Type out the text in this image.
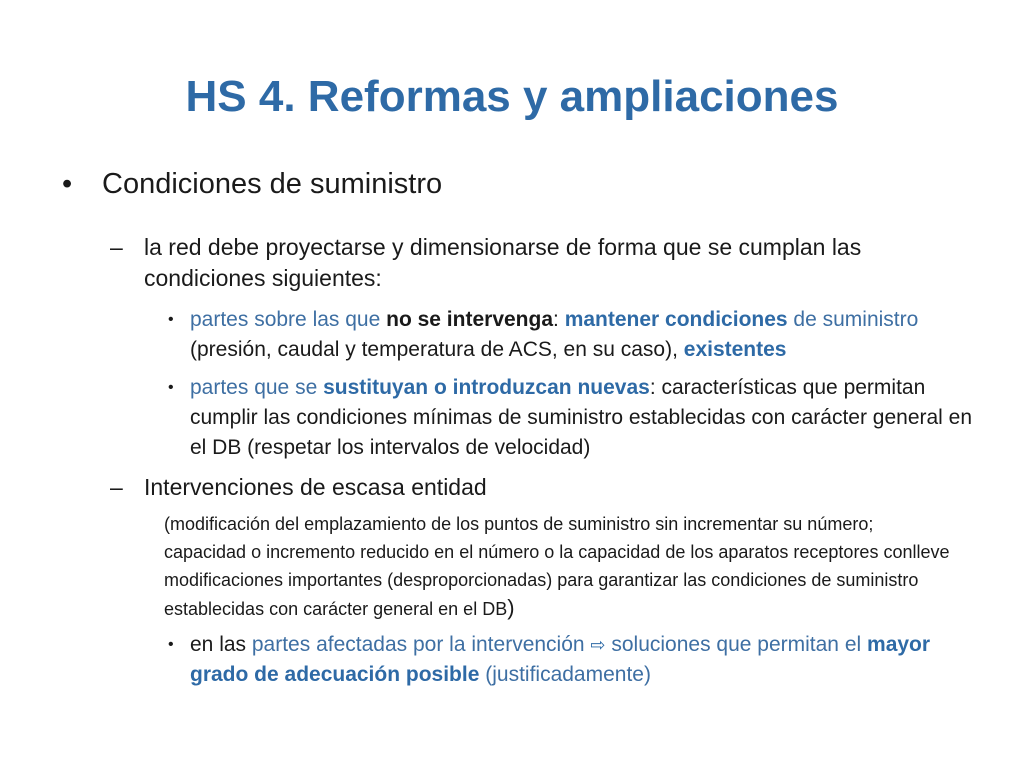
HS 4. Reformas y ampliaciones
• Condiciones de suministro
– la red debe proyectarse y dimensionarse de forma que se cumplan las condiciones siguientes:
• partes sobre las que no se intervenga: mantener condiciones de suministro (presión, caudal y temperatura de ACS, en su caso), existentes
• partes que se sustituyan o introduzcan nuevas: características que permitan cumplir las condiciones mínimas de suministro establecidas con carácter general en el DB (respetar los intervalos de velocidad)
– Intervenciones de escasa entidad
(modificación del emplazamiento de los puntos de suministro sin incrementar su número; capacidad o incremento reducido en el número o la capacidad de los aparatos receptores conlleve modificaciones importantes (desproporcionadas) para garantizar las condiciones de suministro establecidas con carácter general en el DB)
• en las partes afectadas por la intervención ⇨ soluciones que permitan el mayor grado de adecuación posible (justificadamente)
